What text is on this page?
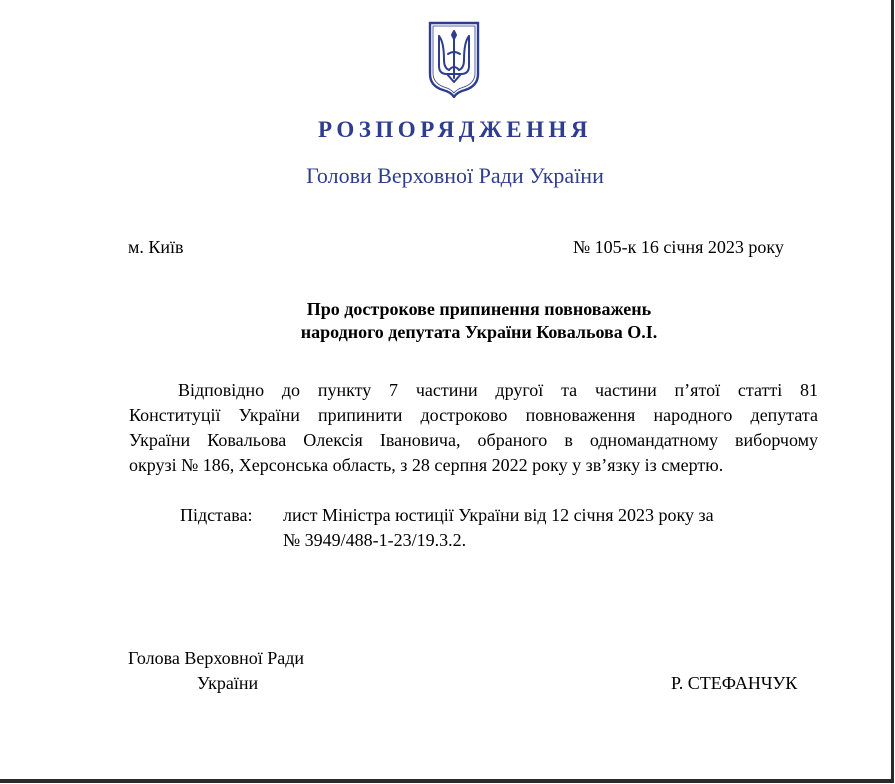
РОЗПОРЯДЖЕННЯ
Голови Верховної Ради України
м. Київ	№ 105-к 16 січня 2023 року
Про дострокове припинення повноважень
народного депутата України Ковальова О.І.
Відповідно до пункту 7 частини другої та частини п’ятої статті 81
Конституції України припинити достроково повноваження народного депутата
України Ковальова Олексія Івановича, обраного в одномандатному виборчому
окрузі № 186, Херсонська область, з 28 серпня 2022 року у зв’язку із смертю.
Підстава: лист Міністра юстиції України від 12 січня 2023 року за
№ 3949/488-1-23/19.3.2.
Голова Верховної Ради
України	Р. СТЕФАНЧУК
